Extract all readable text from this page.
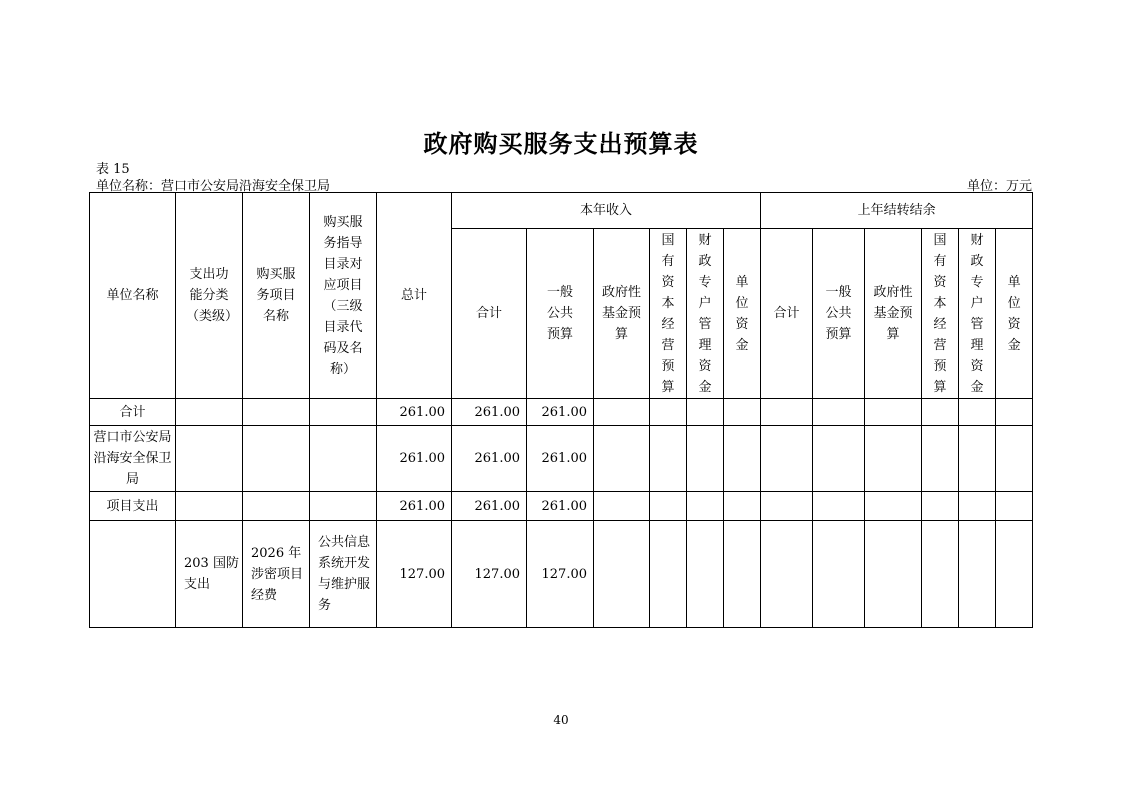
政府购买服务支出预算表
表 15
单位名称：营口市公安局沿海安全保卫局	单位：万元
单位名称	支出功能分类（类级）	购买服务项目名称	购买服务指导目录对应项目（三级目录代码及名称）	总计	本年收入						上年结转结余					
					合计	一般公共预算	政府性基金预算	国有资本经营预算	财政专户管理资金	单位资金	合计	一般公共预算	政府性基金预算	国有资本经营预算	财政专户管理资金	单位资金
合计				261.00	261.00	261.00										
营口市公安局沿海安全保卫局				261.00	261.00	261.00										
项目支出				261.00	261.00	261.00										
	203 国防支出	2026 年涉密项目经费	公共信息系统开发与维护服务	127.00	127.00	127.00										
40
